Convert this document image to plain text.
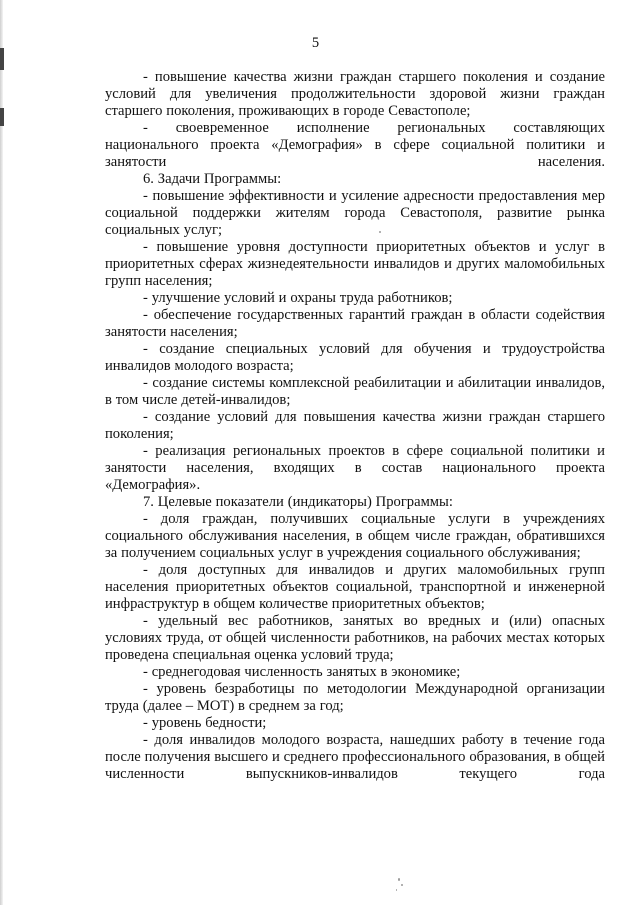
5

- повышение качества жизни граждан старшего поколения и создание условий для увеличения продолжительности здоровой жизни граждан старшего поколения, проживающих в городе Севастополе;

- своевременное исполнение региональных составляющих национального проекта «Демография» в сфере социальной политики и занятости населения.

6. Задачи Программы:

- повышение эффективности и усиление адресности предоставления мер социальной поддержки жителям города Севастополя, развитие рынка социальных услуг;

- повышение уровня доступности приоритетных объектов и услуг в приоритетных сферах жизнедеятельности инвалидов и других маломобильных групп населения;

- улучшение условий и охраны труда работников;

- обеспечение государственных гарантий граждан в области содействия занятости населения;

- создание специальных условий для обучения и трудоустройства инвалидов молодого возраста;

- создание системы комплексной реабилитации и абилитации инвалидов, в том числе детей-инвалидов;

- создание условий для повышения качества жизни граждан старшего поколения;

- реализация региональных проектов в сфере социальной политики и занятости населения, входящих в состав национального проекта «Демография».

7. Целевые показатели (индикаторы) Программы:

- доля граждан, получивших социальные услуги в учреждениях социального обслуживания населения, в общем числе граждан, обратившихся за получением социальных услуг в учреждения социального обслуживания;

- доля доступных для инвалидов и других маломобильных групп населения приоритетных объектов социальной, транспортной и инженерной инфраструктур в общем количестве приоритетных объектов;

- удельный вес работников, занятых во вредных и (или) опасных условиях труда, от общей численности работников, на рабочих местах которых проведена специальная оценка условий труда;

- среднегодовая численность занятых в экономике;

- уровень безработицы по методологии Международной организации труда (далее – МОТ) в среднем за год;

- уровень бедности;

- доля инвалидов молодого возраста, нашедших работу в течение года после получения высшего и среднего профессионального образования, в общей численности выпускников-инвалидов текущего года
